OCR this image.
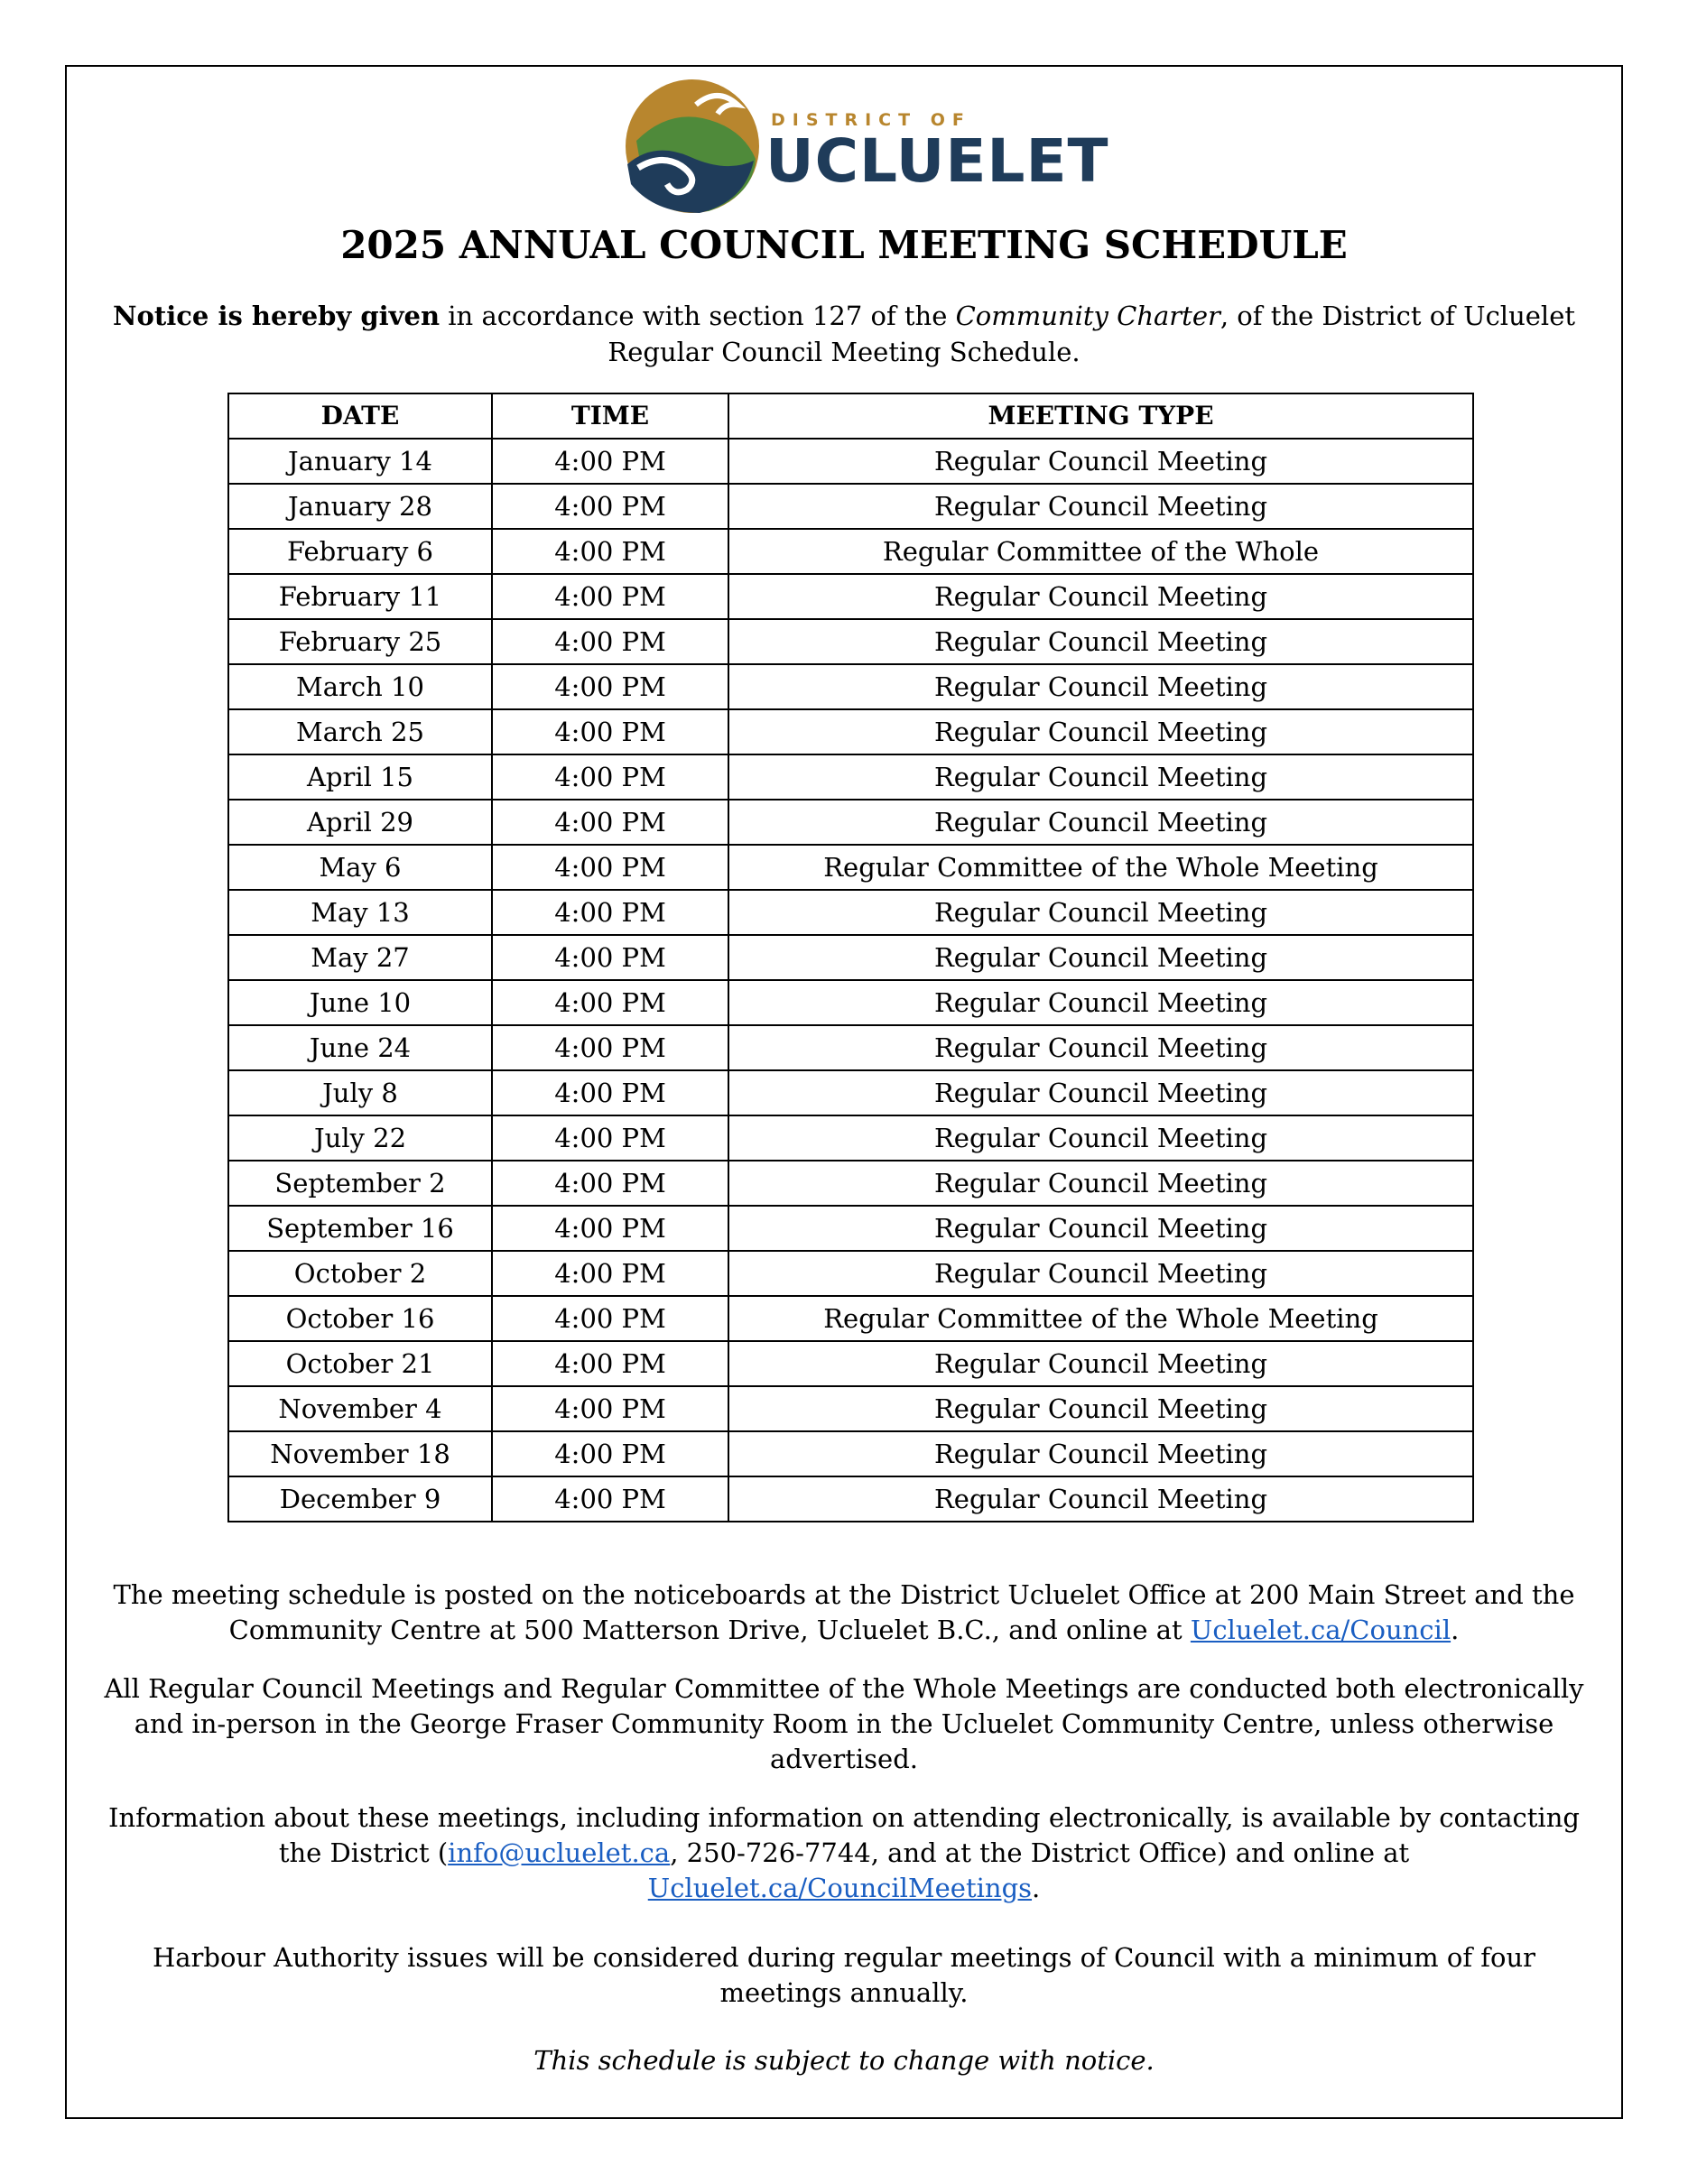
DISTRICT OF
UCLUELET
2025 ANNUAL COUNCIL MEETING SCHEDULE
Notice is hereby given in accordance with section 127 of the Community Charter, of the District of Ucluelet Regular Council Meeting Schedule.
DATE	TIME	MEETING TYPE
January 14	4:00 PM	Regular Council Meeting
January 28	4:00 PM	Regular Council Meeting
February 6	4:00 PM	Regular Committee of the Whole
February 11	4:00 PM	Regular Council Meeting
February 25	4:00 PM	Regular Council Meeting
March 10	4:00 PM	Regular Council Meeting
March 25	4:00 PM	Regular Council Meeting
April 15	4:00 PM	Regular Council Meeting
April 29	4:00 PM	Regular Council Meeting
May 6	4:00 PM	Regular Committee of the Whole Meeting
May 13	4:00 PM	Regular Council Meeting
May 27	4:00 PM	Regular Council Meeting
June 10	4:00 PM	Regular Council Meeting
June 24	4:00 PM	Regular Council Meeting
July 8	4:00 PM	Regular Council Meeting
July 22	4:00 PM	Regular Council Meeting
September 2	4:00 PM	Regular Council Meeting
September 16	4:00 PM	Regular Council Meeting
October 2	4:00 PM	Regular Council Meeting
October 16	4:00 PM	Regular Committee of the Whole Meeting
October 21	4:00 PM	Regular Council Meeting
November 4	4:00 PM	Regular Council Meeting
November 18	4:00 PM	Regular Council Meeting
December 9	4:00 PM	Regular Council Meeting

The meeting schedule is posted on the noticeboards at the District Ucluelet Office at 200 Main Street and the Community Centre at 500 Matterson Drive, Ucluelet B.C., and online at Ucluelet.ca/Council.

All Regular Council Meetings and Regular Committee of the Whole Meetings are conducted both electronically and in-person in the George Fraser Community Room in the Ucluelet Community Centre, unless otherwise advertised.

Information about these meetings, including information on attending electronically, is available by contacting the District (info@ucluelet.ca, 250-726-7744, and at the District Office) and online at Ucluelet.ca/CouncilMeetings.

Harbour Authority issues will be considered during regular meetings of Council with a minimum of four meetings annually.

This schedule is subject to change with notice.
